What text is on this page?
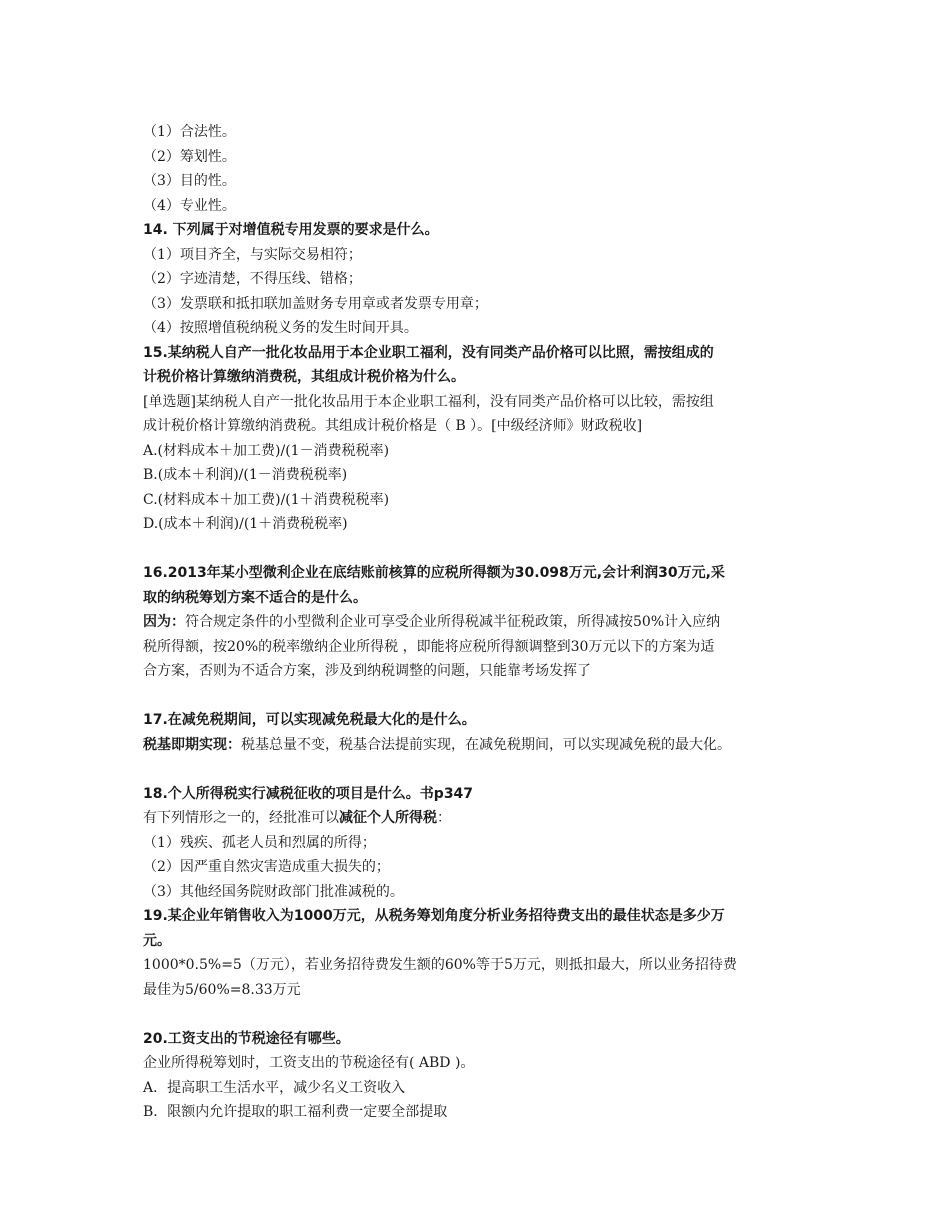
（1）合法性。
（2）筹划性。
（3）目的性。
（4）专业性。
14. 下列属于对增值税专用发票的要求是什么。
（1）项目齐全，与实际交易相符；
（2）字迹清楚，不得压线、错格；
（3）发票联和抵扣联加盖财务专用章或者发票专用章；
（4）按照增值税纳税义务的发生时间开具。
15.某纳税人自产一批化妆品用于本企业职工福利，没有同类产品价格可以比照，需按组成的
计税价格计算缴纳消费税，其组成计税价格为什么。
[单选题]某纳税人自产一批化妆品用于本企业职工福利，没有同类产品价格可以比较，需按组
成计税价格计算缴纳消费税。其组成计税价格是（ B ）。[中级经济师》财政税收]
A.(材料成本＋加工费)/(1－消费税税率)
B.(成本＋利润)/(1－消费税税率)
C.(材料成本＋加工费)/(1＋消费税税率)
D.(成本＋利润)/(1＋消费税税率)
16.2013年某小型微利企业在底结账前核算的应税所得额为30.098万元,会计利润30万元,采
取的纳税筹划方案不适合的是什么。
因为：符合规定条件的小型微利企业可享受企业所得税减半征税政策，所得减按50%计入应纳
税所得额，按20%的税率缴纳企业所得税 ，即能将应税所得额调整到30万元以下的方案为适
合方案，否则为不适合方案，涉及到纳税调整的问题，只能靠考场发挥了
17.在减免税期间，可以实现减免税最大化的是什么。
税基即期实现：税基总量不变，税基合法提前实现，在减免税期间，可以实现减免税的最大化。
18.个人所得税实行减税征收的项目是什么。书p347
有下列情形之一的，经批准可以减征个人所得税：
（1）残疾、孤老人员和烈属的所得；
（2）因严重自然灾害造成重大损失的；
（3）其他经国务院财政部门批准减税的。
19.某企业年销售收入为1000万元，从税务筹划角度分析业务招待费支出的最佳状态是多少万
元。
1000*0.5%=5（万元），若业务招待费发生额的60%等于5万元，则抵扣最大，所以业务招待费
最佳为5/60%=8.33万元
20.工资支出的节税途径有哪些。
企业所得税筹划时，工资支出的节税途径有( ABD )。
A．提高职工生活水平，减少名义工资收入
B．限额内允许提取的职工福利费一定要全部提取
